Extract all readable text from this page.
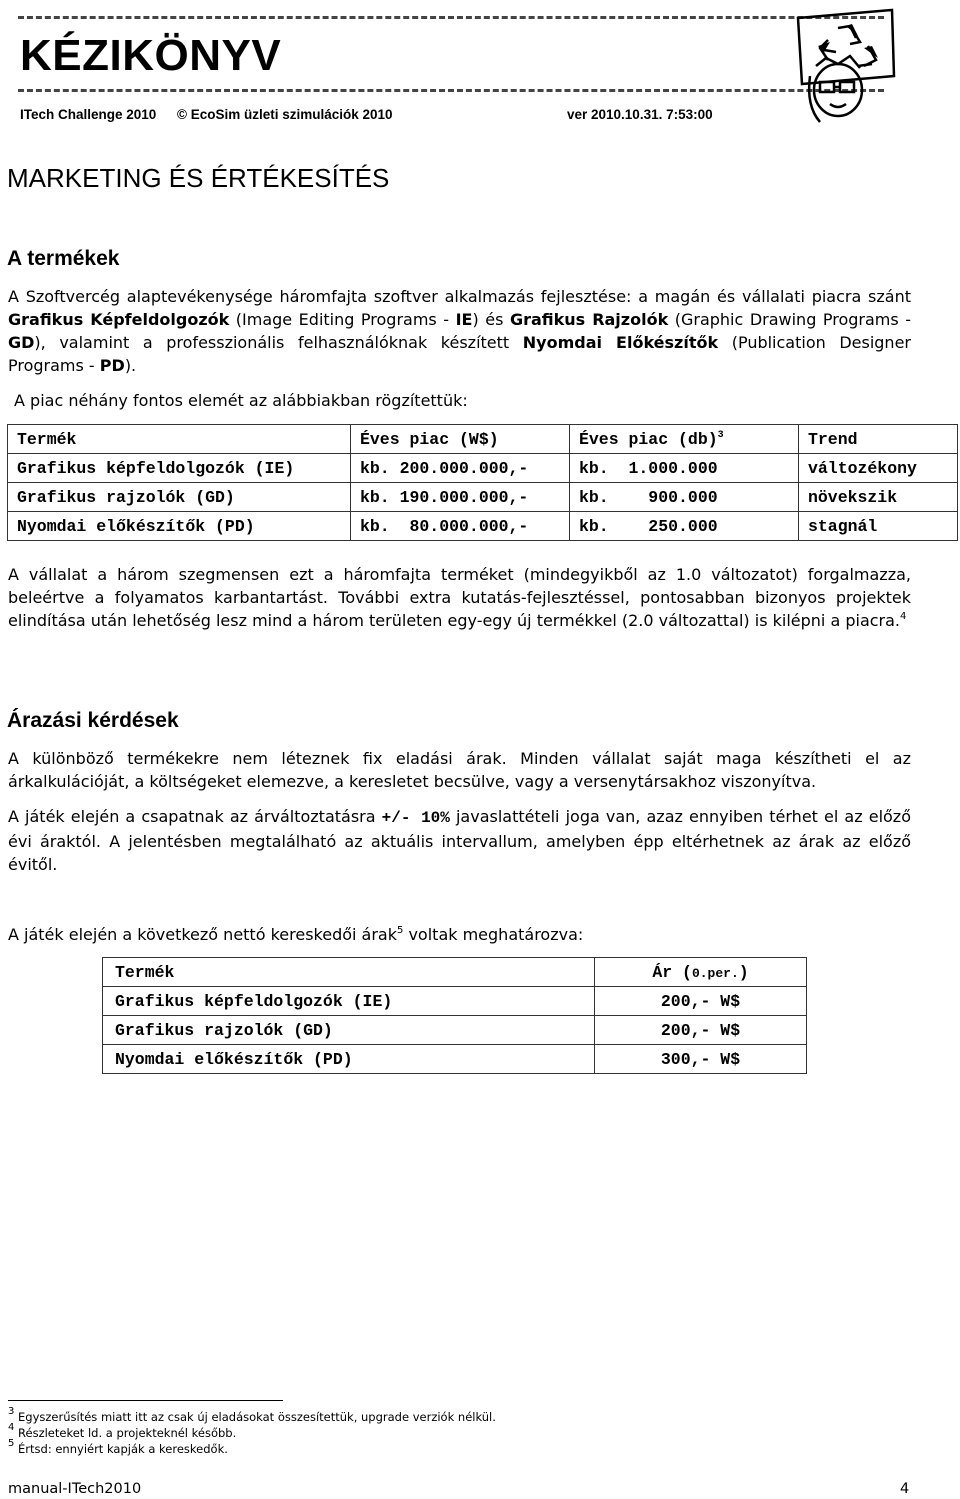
KÉZIKÖNYV
ITech Challenge 2010 © EcoSim üzleti szimulációk 2010	ver 2010.10.31. 7:53:00
MARKETING ÉS ÉRTÉKESÍTÉS
A termékek
A Szoftvercég alaptevékenysége háromfajta szoftver alkalmazás fejlesztése: a magán és vállalati piacra szánt Grafikus Képfeldolgozók (Image Editing Programs - IE) és Grafikus Rajzolók (Graphic Drawing Programs - GD), valamint a professzionális felhasználóknak készített Nyomdai Előkészítők (Publication Designer Programs - PD).
A piac néhány fontos elemét az alábbiakban rögzítettük:
Termék	Éves piac (W$)	Éves piac (db)$^3$	Trend
Grafikus képfeldolgozók (IE)	kb. 200.000.000,-	kb.  1.000.000	változékony
Grafikus rajzolók (GD)	kb. 190.000.000,-	kb.    900.000	növekszik
Nyomdai előkészítők (PD)	kb.  80.000.000,-	kb.    250.000	stagnál
A vállalat a három szegmensen ezt a háromfajta terméket (mindegyikből az 1.0 változatot) forgalmazza, beleértve a folyamatos karbantartást. További extra kutatás-fejlesztéssel, pontosabban bizonyos projektek elindítása után lehetőség lesz mind a három területen egy-egy új termékkel (2.0 változattal) is kilépni a piacra.$^4$
Árazási kérdések
A különböző termékekre nem léteznek fix eladási árak. Minden vállalat saját maga készítheti el az árkalkulációját, a költségeket elemezve, a keresletet becsülve, vagy a versenytársakhoz viszonyítva.
A játék elején a csapatnak az árváltoztatásra +/- 10% javaslattételi joga van, azaz ennyiben térhet el az előző évi áraktól. A jelentésben megtalálható az aktuális intervallum, amelyben épp eltérhetnek az árak az előző évitől.
A játék elején a következő nettó kereskedői árak$^5$ voltak meghatározva:
Termék	Ár (0.per.)
Grafikus képfeldolgozók (IE)	200,- W$
Grafikus rajzolók (GD)	200,- W$
Nyomdai előkészítők (PD)	300,- W$
$^3$ Egyszerűsítés miatt itt az csak új eladásokat összesítettük, upgrade verziók nélkül.
$^4$ Részleteket ld. a projekteknél később.
$^5$ Értsd: ennyiért kapják a kereskedők.
manual-ITech2010	4
